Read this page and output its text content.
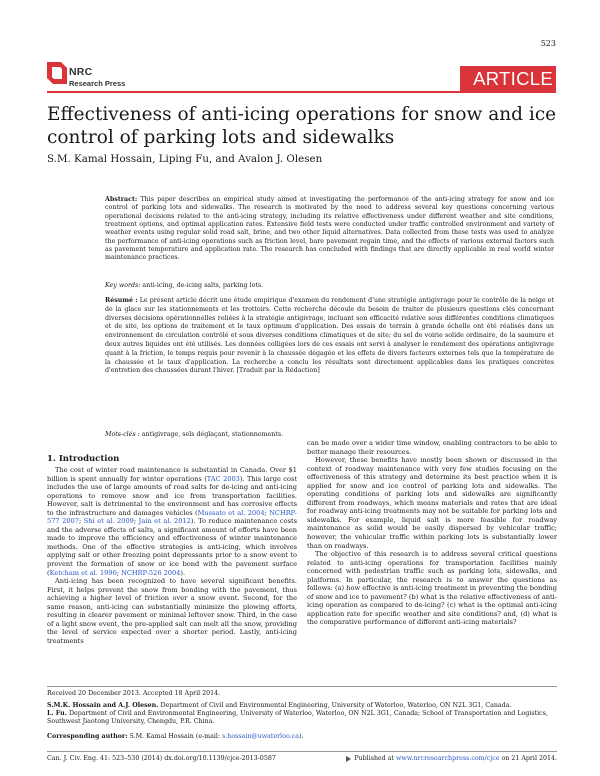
523
NRC
Research Press	ARTICLE
Effectiveness of anti-icing operations for snow and ice control of parking lots and sidewalks
S.M. Kamal Hossain, Liping Fu, and Avalon J. Olesen
Abstract: This paper describes an empirical study aimed at investigating the performance of the anti-icing strategy for snow and ice control of parking lots and sidewalks. The research is motivated by the need to address several key questions concerning various operational decisions related to the anti-icing strategy, including its relative effectiveness under different weather and site conditions, treatment options, and optimal application rates. Extensive field tests were conducted under traffic controlled environment and variety of weather events using regular solid road salt, brine, and two other liquid alternatives. Data collected from these tests was used to analyze the performance of anti-icing operations such as friction level, bare pavement regain time, and the effects of various external factors such as pavement temperature and application rate. The research has concluded with findings that are directly applicable in real world winter maintenance practices.
Key words: anti-icing, de-icing salts, parking lots.
Résumé : Le présent article décrit une étude empirique d'examen du rendement d'une stratégie antigivrage pour le contrôle de la neige et de la glace sur les stationnements et les trottoirs. Cette recherche découle du besoin de traiter de plusieurs questions clés concernant diverses décisions opérationnelles reliées à la stratégie antigivrage, incluant son efficacité relative sous différentes conditions climatiques et de site, les options de traitement et le taux optimum d'application. Des essais de terrain à grande échelle ont été réalisés dans un environnement de circulation contrôlé et sous diverses conditions climatiques et de site; du sel de voirie solide ordinaire, de la saumure et deux autres liquides ont été utilisés. Les données colligées lors de ces essais ont servi à analyser le rendement des opérations antigivrage quant à la friction, le temps requis pour revenir à la chaussée dégagée et les effets de divers facteurs externes tels que la température de la chaussée et le taux d'application. La recherche a conclu les résultats sont directement applicables dans les pratiques concrètes d'entretien des chaussées durant l'hiver. [Traduit par la Rédaction]
Mots-clés : antigivrage, sels déglaçant, stationnements.
1. Introduction

The cost of winter road maintenance is substantial in Canada. Over $1 billion is spent annually for winter operations (TAC 2003). This large cost includes the use of large amounts of road salts for de-icing and anti-icing operations to remove snow and ice from transportation facilities. However, salt is detrimental to the environment and has corrosive effects to the infrastructure and damages vehicles (Mussato et al. 2004; NCHRP-577 2007; Shi et al. 2009; Jain et al. 2012). To reduce maintenance costs and the adverse effects of salts, a significant amount of efforts have been made to improve the efficiency and effectiveness of winter maintenance methods. One of the effective strategies is anti-icing, which involves applying salt or other freezing point depressants prior to a snow event to prevent the formation of snow or ice bond with the pavement surface (Ketcham et al. 1996; NCHRP-526 2004).

Anti-icing has been recognized to have several significant benefits. First, it helps prevent the snow from bonding with the pavement, thus achieving a higher level of friction over a snow event. Second, for the same reason, anti-icing can substantially minimize the plowing efforts, resulting in clearer pavement or minimal leftover snow. Third, in the case of a light snow event, the pre-applied salt can melt all the snow, providing the level of service expected over a shorter period. Lastly, anti-icing treatments

can be made over a wider time window, enabling contractors to be able to better manage their resources.

However, these benefits have mostly been shown or discussed in the context of roadway maintenance with very few studies focusing on the effectiveness of this strategy and determine its best practice when it is applied for snow and ice control of parking lots and sidewalks. The operating conditions of parking lots and sidewalks are significantly different from roadways, which means materials and rates that are ideal for roadway anti-icing treatments may not be suitable for parking lots and sidewalks. For example, liquid salt is more feasible for roadway maintenance as solid would be easily dispersed by vehicular traffic; however, the vehicular traffic within parking lots is substantially lower than on roadways.

The objective of this research is to address several critical questions related to anti-icing operations for transportation facilities mainly concerned with pedestrian traffic such as parking lots, sidewalks, and platforms. In particular, the research is to answer the questions as follows: (a) how effective is anti-icing treatment in preventing the bonding of snow and ice to pavement? (b) what is the relative effectiveness of anti-icing operation as compared to de-icing? (c) what is the optimal anti-icing application rate for specific weather and site conditions? and, (d) what is the comparative performance of different anti-icing materials?

Received 20 December 2013. Accepted 18 April 2014.
S.M.K. Hossain and A.J. Olesen. Department of Civil and Environmental Engineering, University of Waterloo, Waterloo, ON N2L 3G1, Canada.
L. Fu. Department of Civil and Environmental Engineering, University of Waterloo, Waterloo, ON N2L 3G1, Canada; School of Transportation and Logistics, Southwest Jiaotong University, Chengdu, P.R. China.
Corresponding author: S.M. Kamal Hossain (e-mail: s.hossain@uwaterloo.ca).
Can. J. Civ. Eng. 41: 523–530 (2014) dx.doi.org/10.1139/cjce-2013-0587	Published at www.nrcresearchpress.com/cjce on 21 April 2014.
